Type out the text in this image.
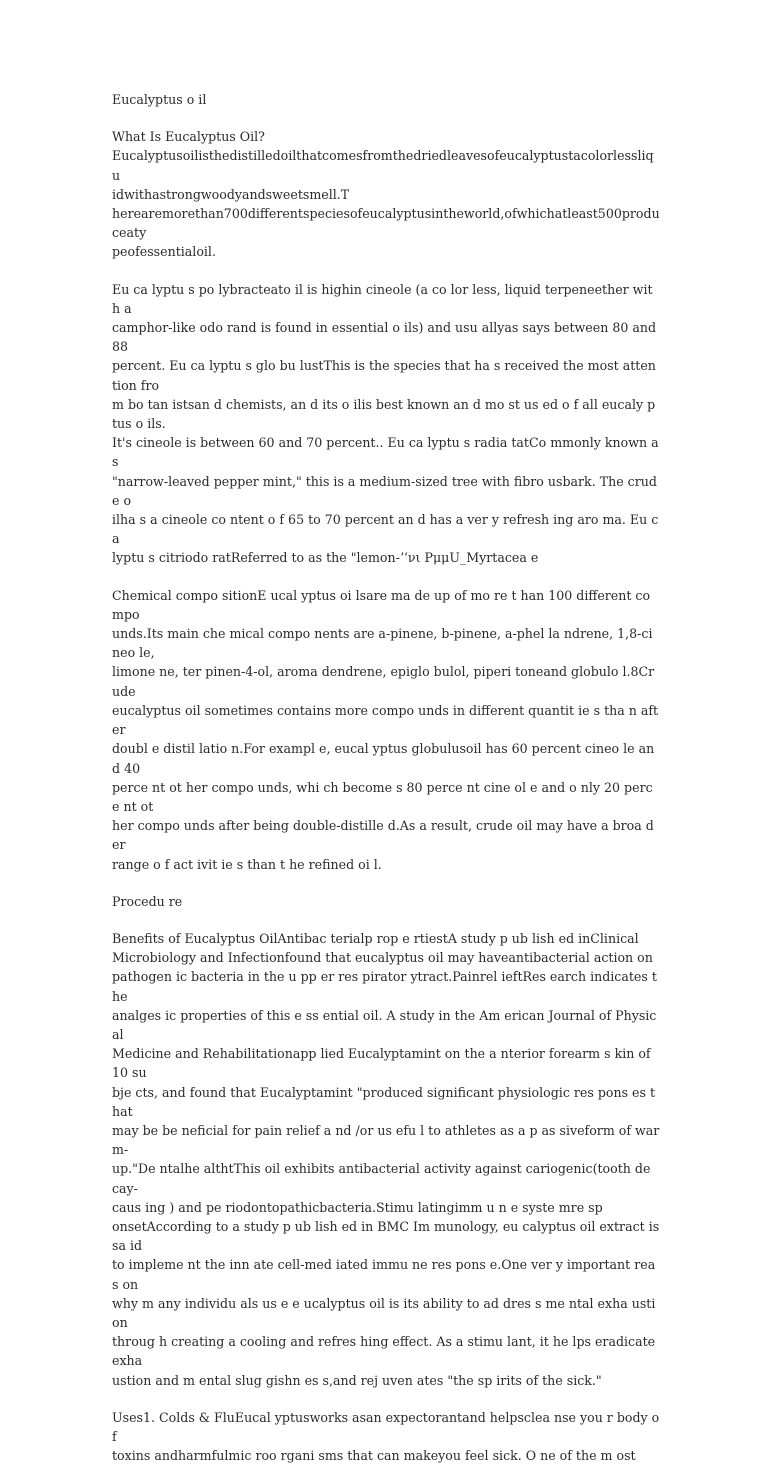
Eucalyptus o il

What Is Eucalyptus Oil?

Eucalyptusoilisthedistilledoilthatcomesfromthedriedleavesofeucalyptustacolorlessliqu
idwithastrongwoodyandsweetsmell.T
herearemorethan700differentspeciesofeucalyptusintheworld,ofwhichatleast500produceaty
peofessentialoil.

Eu ca lyptu s po lybracteato il is highin cineole (a co lor less, liquid terpeneether with a
camphor-like odo rand is found in essential o ils) and usu allyas says between 80 and 88
percent. Eu ca lyptu s glo bu lustThis is the species that ha s received the most attention fro
m bo tan istsan d chemists, an d its o ilis best known an d mo st us ed o f all eucaly ptus o ils.
It's cineole is between 60 and 70 percent.. Eu ca lyptu s radia tatCo mmonly known as
"narrow-leaved pepper mint," this is a medium-sized tree with fibro usbark. The crude o
ilha s a cineole co ntent o f 65 to 70 percent an d has a ver y refresh ing aro ma. Eu ca
lyptu s citriodo ratReferred to as the "lemon-ʼʻνι PμμU_Myrtacea e

Chemical compo sitionE ucal yptus oi lsare ma de up of mo re t han 100 different compo
unds.Its main che mical compo nents are a-pinene, b-pinene, a-phel la ndrene, 1,8-cineo le,
limone ne, ter pinen-4-ol, aroma dendrene, epiglo bulol, piperi toneand globulo l.8Crude
eucalyptus oil sometimes contains more compo unds in different quantit ie s tha n after
doubl e distil latio n.For exampl e, eucal yptus globulusoil has 60 percent cineo le and 40
perce nt ot her compo unds, whi ch become s 80 perce nt cine ol e and o nly 20 perce nt ot
her compo unds after being double-distille d.As a result, crude oil may have a broa der
range o f act ivit ie s than t he refined oi l.

Procedu re

Benefits of Eucalyptus OilAntibac terialp rop e rtiestA study p ub lish ed inClinical
Microbiology and Infectionfound that eucalyptus oil may haveantibacterial action on
pathogen ic bacteria in the u pp er res pirator ytract.Painrel ieftRes earch indicates the
analges ic properties of this e ss ential oil. A study in the Am erican Journal of Physical
Medicine and Rehabilitationapp lied Eucalyptamint on the a nterior forearm s kin of 10 su
bje cts, and found that Eucalyptamint "produced significant physiologic res pons es that
may be be neficial for pain relief a nd /or us efu l to athletes as a p as siveform of warm-
up."De ntalhe althtThis oil exhibits antibacterial activity against cariogenic(tooth de cay-
caus ing ) and pe riodontopathicbacteria.Stimu latingimm u n e syste mre sp
onsetAccording to a study p ub lish ed in BMC Im munology, eu calyptus oil extract is sa id
to impleme nt the inn ate cell-med iated immu ne res pons e.One ver y important reas on
why m any individu als us e e ucalyptus oil is its ability to ad dres s me ntal exha ustion
throug h creating a cooling and refres hing effect. As a stimu lant, it he lps eradicate exha
ustion and m ental slug gishn es s,and rej uven ates "the sp irits of the sick."

Uses1. Colds & FluEucal yptusworks asan expectorantand helpsclea nse you r body of
toxins andharmfulmic roo rgani sms that can makeyou feel sick. O ne of the m ost
